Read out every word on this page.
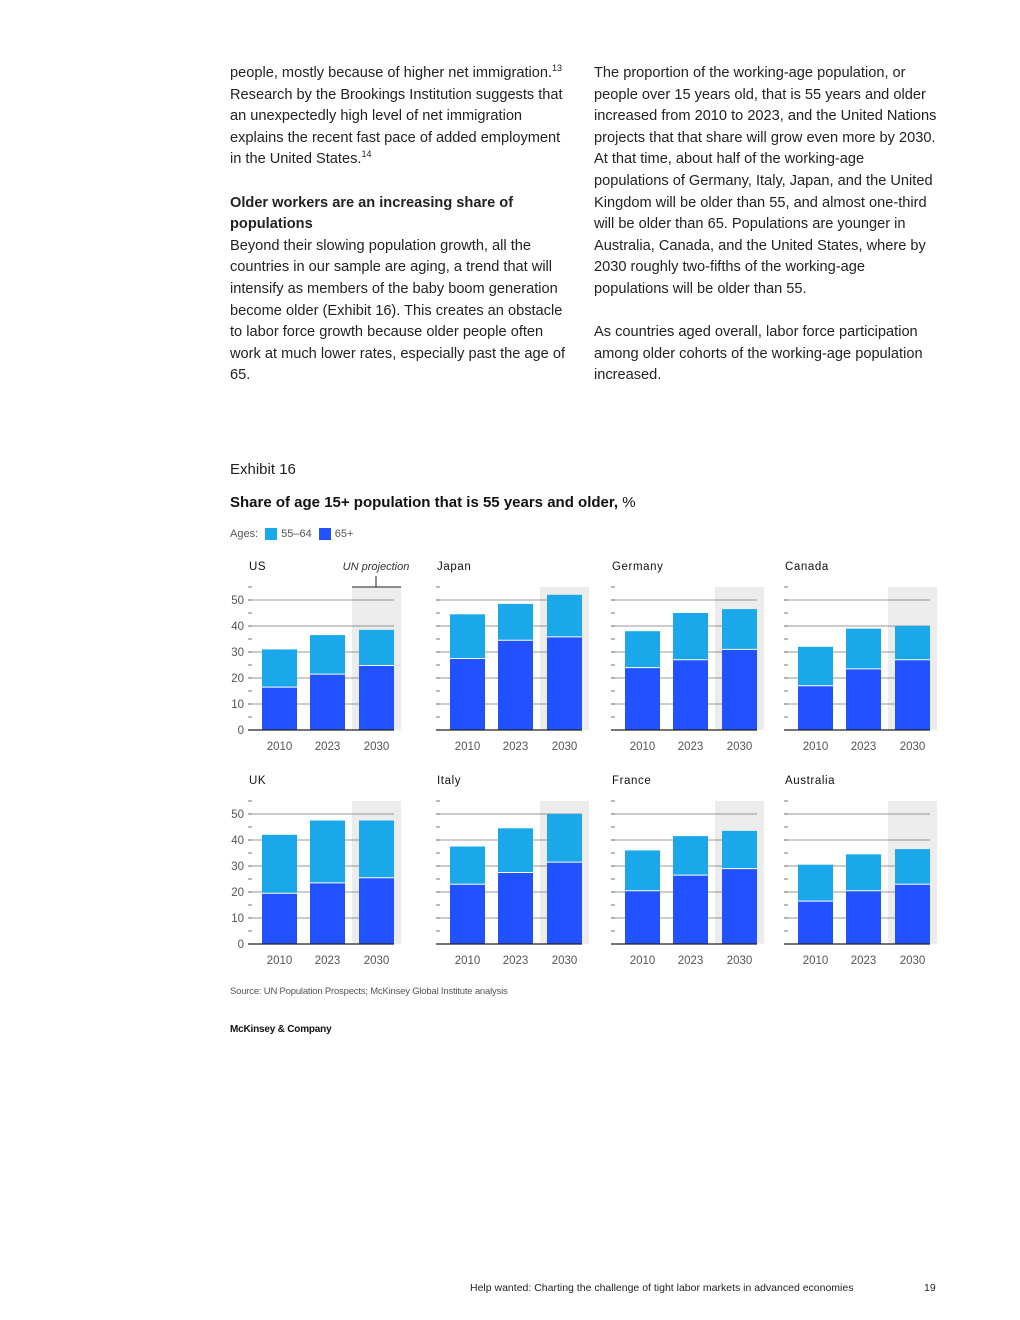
people, mostly because of higher net immigration.$^{13}$ Research by the Brookings Institution suggests that an unexpectedly high level of net immigration explains the recent fast pace of added employment in the United States.$^{14}$

Older workers are an increasing share of populations

Beyond their slowing population growth, all the countries in our sample are aging, a trend that will intensify as members of the baby boom generation become older (Exhibit 16). This creates an obstacle to labor force growth because older people often work at much lower rates, especially past the age of 65.

The proportion of the working-age population, or people over 15 years old, that is 55 years and older increased from 2010 to 2023, and the United Nations projects that that share will grow even more by 2030. At that time, about half of the working-age populations of Germany, Italy, Japan, and the United Kingdom will be older than 55, and almost one-third will be older than 65. Populations are younger in Australia, Canada, and the United States, where by 2030 roughly two-fifths of the working-age populations will be older than 55.

As countries aged overall, labor force participation among older cohorts of the working-age population increased.

Exhibit 16
Share of age 15+ population that is 55 years and older, %
Ages: 55–64 65+
2010 2023 2030
US
0
10
20
30
40
50
2010 2023 2030
Japan
2010 2023 2030
Germany
2010 2023 2030
Canada
2010 2023 2030
UK
0
10
20
30
40
50
2010 2023 2030
Italy
2010 2023 2030
France
2010 2023 2030
Australia
UN projection
Source: UN Population Prospects; McKinsey Global Institute analysis
McKinsey & Company
Help wanted: Charting the challenge of tight labor markets in advanced economies	19
